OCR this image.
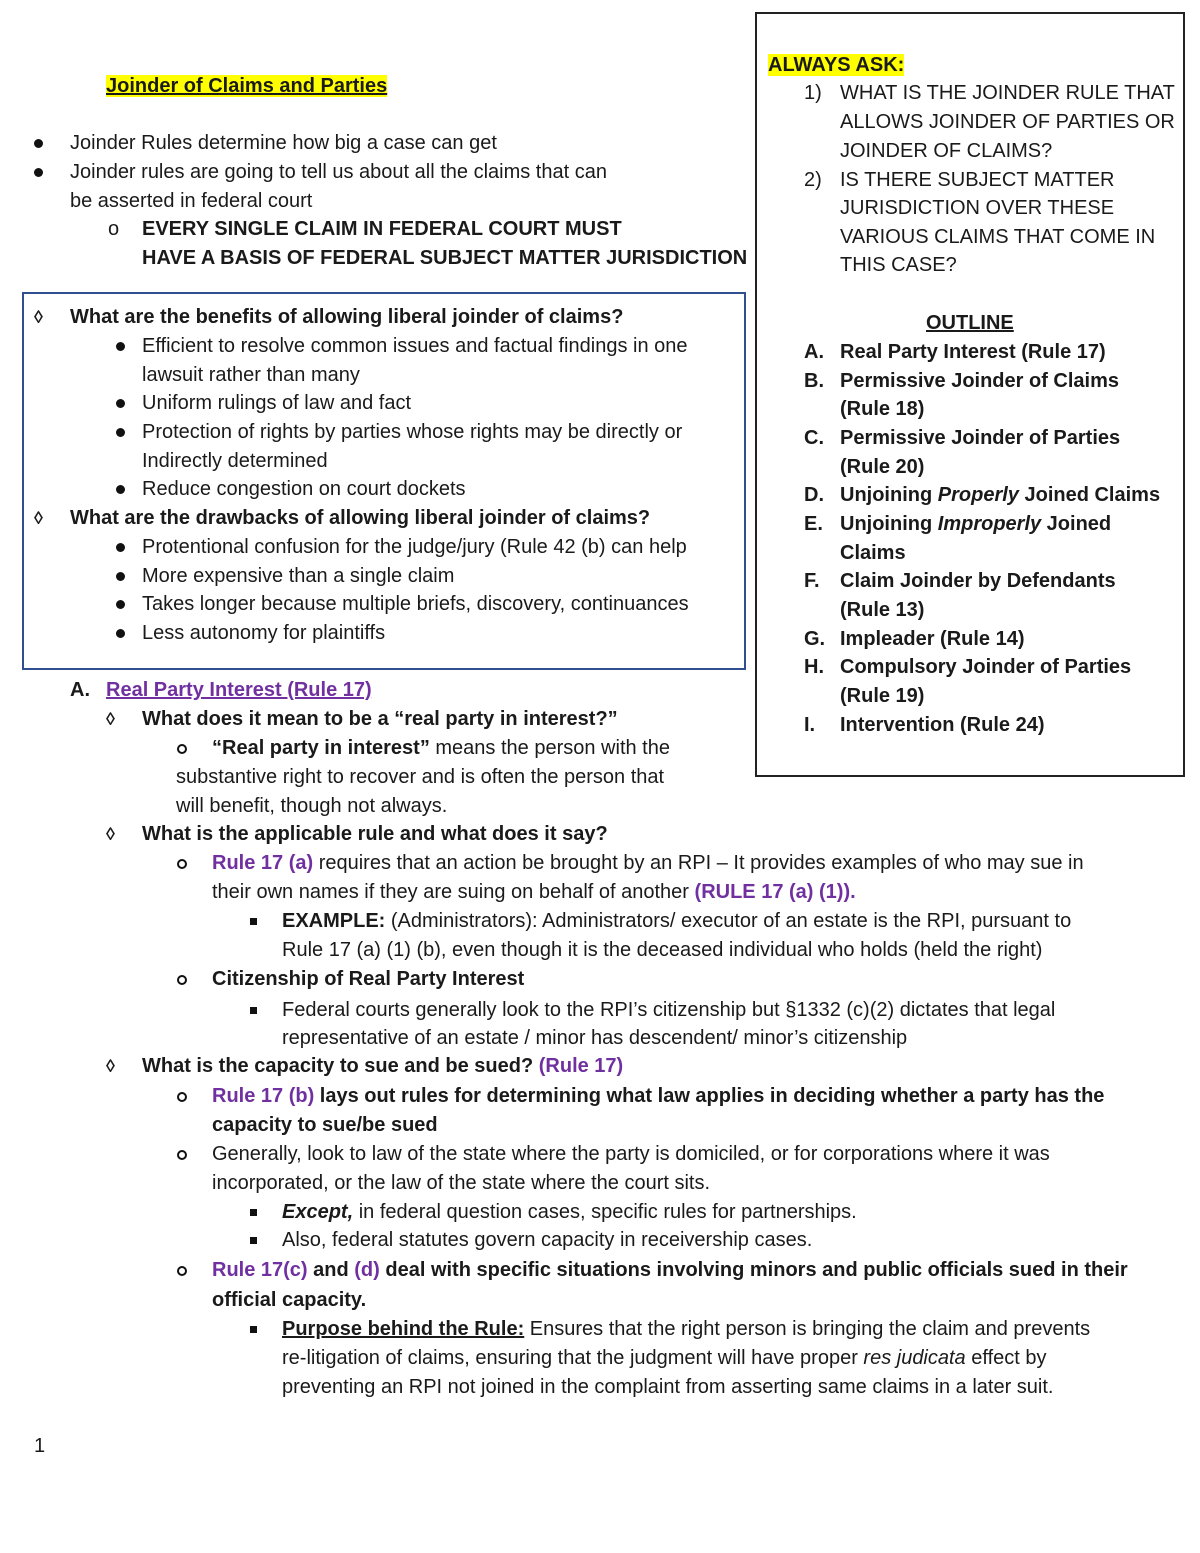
Joinder of Claims and Parties
Joinder Rules determine how big a case can get
Joinder rules are going to tell us about all the claims that can
be asserted in federal court
o EVERY SINGLE CLAIM IN FEDERAL COURT MUST
HAVE A BASIS OF FEDERAL SUBJECT MATTER JURISDICTION
◊ What are the benefits of allowing liberal joinder of claims?
Efficient to resolve common issues and factual findings in one
lawsuit rather than many
Uniform rulings of law and fact
Protection of rights by parties whose rights may be directly or
Indirectly determined
Reduce congestion on court dockets
◊ What are the drawbacks of allowing liberal joinder of claims?
Protentional confusion for the judge/jury (Rule 42 (b) can help
More expensive than a single claim
Takes longer because multiple briefs, discovery, continuances
Less autonomy for plaintiffs
ALWAYS ASK:
1) WHAT IS THE JOINDER RULE THAT
ALLOWS JOINDER OF PARTIES OR
JOINDER OF CLAIMS?
2) IS THERE SUBJECT MATTER
JURISDICTION OVER THESE
VARIOUS CLAIMS THAT COME IN
THIS CASE?
OUTLINE
A. Real Party Interest (Rule 17)
B. Permissive Joinder of Claims
(Rule 18)
C. Permissive Joinder of Parties
(Rule 20)
D. Unjoining Properly Joined Claims
E. Unjoining Improperly Joined
Claims
F. Claim Joinder by Defendants
(Rule 13)
G. Impleader (Rule 14)
H. Compulsory Joinder of Parties
(Rule 19)
I. Intervention (Rule 24)
A. Real Party Interest (Rule 17)
◊ What does it mean to be a “real party in interest?”
“Real party in interest” means the person with the
substantive right to recover and is often the person that
will benefit, though not always.
◊ What is the applicable rule and what does it say?
Rule 17 (a) requires that an action be brought by an RPI – It provides examples of who may sue in
their own names if they are suing on behalf of another (RULE 17 (a) (1)).
EXAMPLE: (Administrators): Administrators/ executor of an estate is the RPI, pursuant to
Rule 17 (a) (1) (b), even though it is the deceased individual who holds (held the right)
Citizenship of Real Party Interest
Federal courts generally look to the RPI’s citizenship but §1332 (c)(2) dictates that legal
representative of an estate / minor has descendent/ minor’s citizenship
◊ What is the capacity to sue and be sued? (Rule 17)
Rule 17 (b) lays out rules for determining what law applies in deciding whether a party has the
capacity to sue/be sued
Generally, look to law of the state where the party is domiciled, or for corporations where it was
incorporated, or the law of the state where the court sits.
Except, in federal question cases, specific rules for partnerships.
Also, federal statutes govern capacity in receivership cases.
Rule 17(c) and (d) deal with specific situations involving minors and public officials sued in their
official capacity.
Purpose behind the Rule: Ensures that the right person is bringing the claim and prevents
re-litigation of claims, ensuring that the judgment will have proper res judicata effect by
preventing an RPI not joined in the complaint from asserting same claims in a later suit.
1
